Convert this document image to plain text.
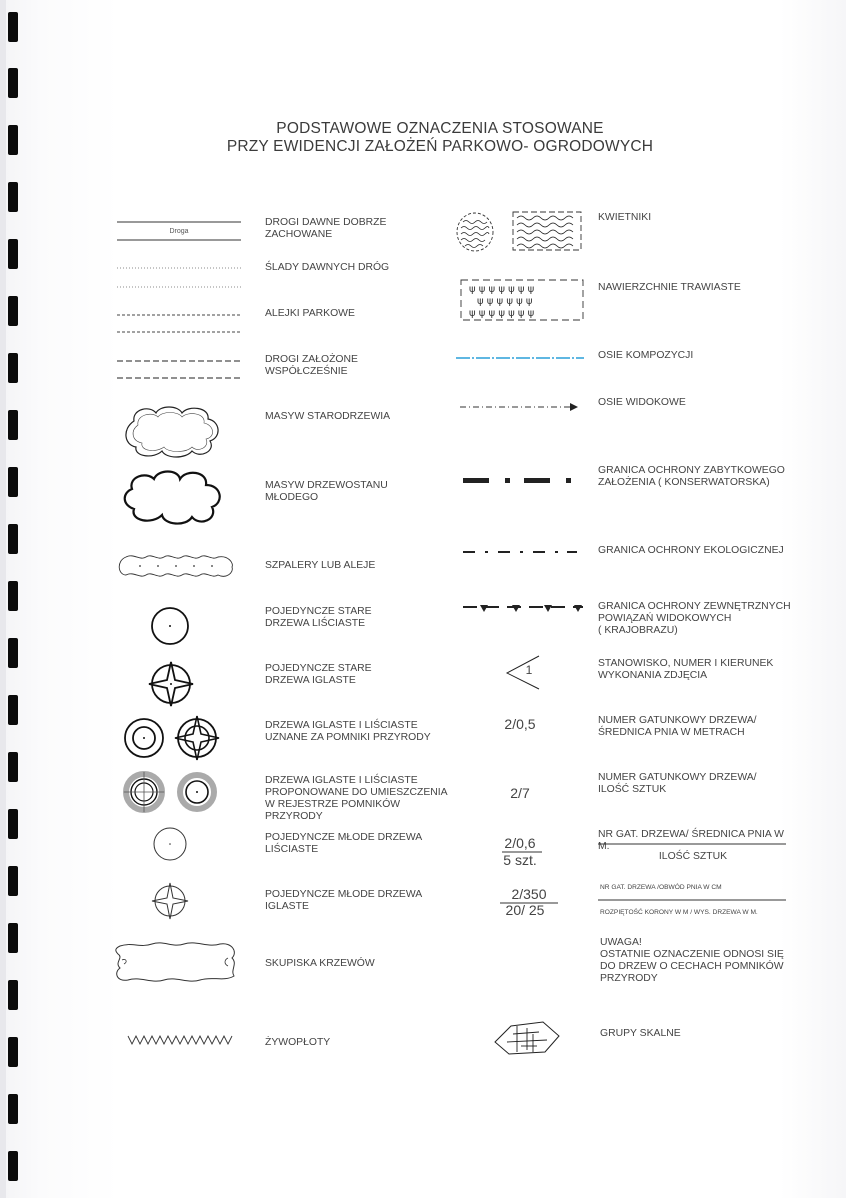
PODSTAWOWE OZNACZENIA STOSOWANE
PRZY EWIDENCJI ZAŁOŻEŃ PARKOWO- OGRODOWYCH
Droga
DROGI DAWNE DOBRZE
ZACHOWANE
ŚLADY DAWNYCH DRÓG
ALEJKI PARKOWE
DROGI ZAŁOŻONE
WSPÓŁCZEŚNIE
MASYW STARODRZEWIA
MASYW DRZEWOSTANU
MŁODEGO
SZPALERY LUB ALEJE
POJEDYNCZE STARE
DRZEWA LIŚCIASTE
POJEDYNCZE STARE
DRZEWA IGLASTE
DRZEWA IGLASTE I LIŚCIASTE
UZNANE ZA POMNIKI PRZYRODY
DRZEWA IGLASTE I LIŚCIASTE
PROPONOWANE DO UMIESZCZENIA
W REJESTRZE POMNIKÓW
PRZYRODY
POJEDYNCZE MŁODE DRZEWA
LIŚCIASTE
POJEDYNCZE MŁODE DRZEWA
IGLASTE
SKUPISKA KRZEWÓW
ŻYWOPŁOTY
KWIETNIKI
ψ ψ ψ ψ ψ ψ ψ
ψ ψ ψ ψ ψ ψ
ψ ψ ψ ψ ψ ψ ψ
NAWIERZCHNIE TRAWIASTE
OSIE KOMPOZYCJI
OSIE WIDOKOWE
GRANICA OCHRONY ZABYTKOWEGO
ZAŁOŻENIA ( KONSERWATORSKA)
GRANICA OCHRONY EKOLOGICZNEJ
GRANICA OCHRONY ZEWNĘTRZNYCH
POWIĄZAŃ WIDOKOWYCH
( KRAJOBRAZU)
1	STANOWISKO, NUMER I KIERUNEK
WYKONANIA ZDJĘCIA
2/0,5	NUMER GATUNKOWY DRZEWA/
ŚREDNICA PNIA W METRACH
2/7
NUMER GATUNKOWY DRZEWA/
ILOŚĆ SZTUK
2/0,6
5 szt.
NR GAT. DRZEWA/ ŚREDNICA PNIA W M.
ILOŚĆ SZTUK
2/350
20/ 25
NR GAT. DRZEWA /OBWÓD PNIA W CM
ROZPIĘTOŚĆ KORONY W M / WYS. DRZEWA W M.
UWAGA!
OSTATNIE OZNACZENIE ODNOSI SIĘ
DO DRZEW O CECHACH POMNIKÓW
PRZYRODY
GRUPY SKALNE
